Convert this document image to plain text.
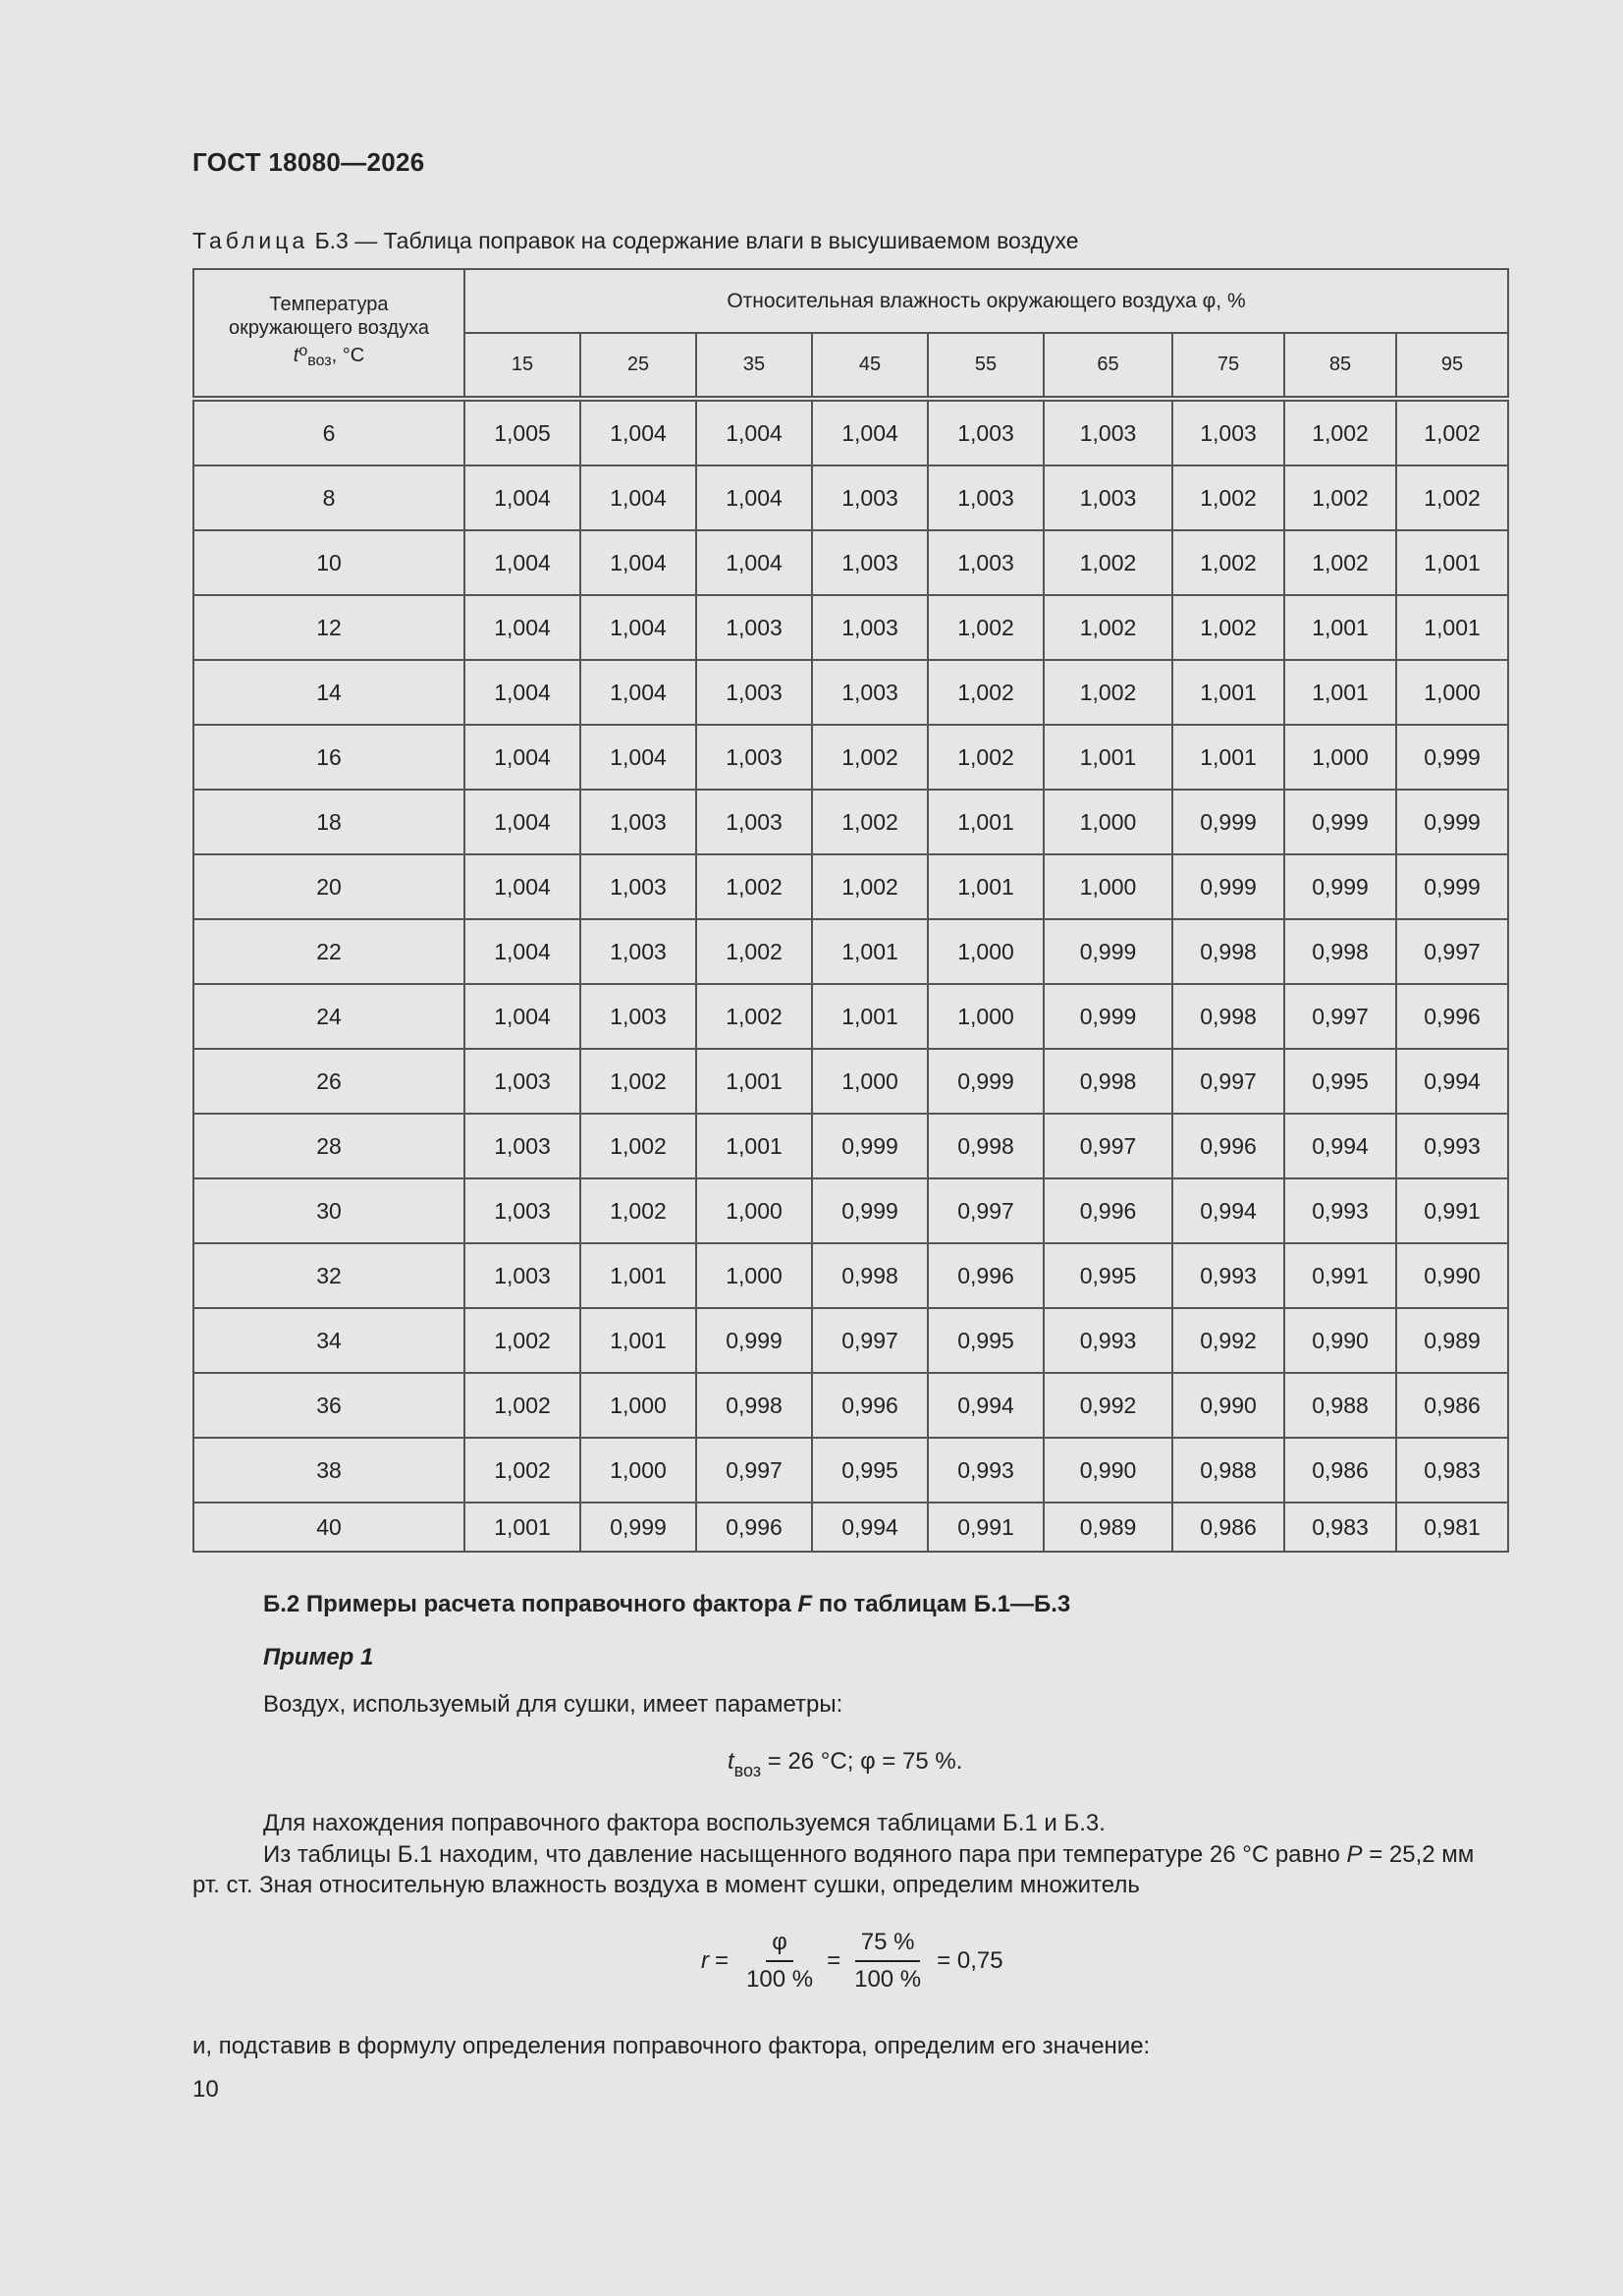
ГОСТ 18080—2026
Таблица Б.3 — Таблица поправок на содержание влаги в высушиваемом воздухе
Температура
окружающего воздуха
$t^o_{воз}$, °С	Относительная влажность окружающего воздуха φ, %								
	15	25	35	45	55	65	75	85	95
6	1,005	1,004	1,004	1,004	1,003	1,003	1,003	1,002	1,002
8	1,004	1,004	1,004	1,003	1,003	1,003	1,002	1,002	1,002
10	1,004	1,004	1,004	1,003	1,003	1,002	1,002	1,002	1,001
12	1,004	1,004	1,003	1,003	1,002	1,002	1,002	1,001	1,001
14	1,004	1,004	1,003	1,003	1,002	1,002	1,001	1,001	1,000
16	1,004	1,004	1,003	1,002	1,002	1,001	1,001	1,000	0,999
18	1,004	1,003	1,003	1,002	1,001	1,000	0,999	0,999	0,999
20	1,004	1,003	1,002	1,002	1,001	1,000	0,999	0,999	0,999
22	1,004	1,003	1,002	1,001	1,000	0,999	0,998	0,998	0,997
24	1,004	1,003	1,002	1,001	1,000	0,999	0,998	0,997	0,996
26	1,003	1,002	1,001	1,000	0,999	0,998	0,997	0,995	0,994
28	1,003	1,002	1,001	0,999	0,998	0,997	0,996	0,994	0,993
30	1,003	1,002	1,000	0,999	0,997	0,996	0,994	0,993	0,991
32	1,003	1,001	1,000	0,998	0,996	0,995	0,993	0,991	0,990
34	1,002	1,001	0,999	0,997	0,995	0,993	0,992	0,990	0,989
36	1,002	1,000	0,998	0,996	0,994	0,992	0,990	0,988	0,986
38	1,002	1,000	0,997	0,995	0,993	0,990	0,988	0,986	0,983
40	1,001	0,999	0,996	0,994	0,991	0,989	0,986	0,983	0,981
Б.2 Примеры расчета поправочного фактора F по таблицам Б.1—Б.3
Пример 1
Воздух, используемый для сушки, имеет параметры:
$t_{воз} = 26$ °С; φ = 75 %.
Для нахождения поправочного фактора воспользуемся таблицами Б.1 и Б.3.
Из таблицы Б.1 находим, что давление насыщенного водяного пара при температуре 26 °С равно P = 25,2 мм
рт. ст. Зная относительную влажность воздуха в момент сушки, определим множитель
$r = \frac{\varphi}{100 \%} = \frac{75 \%}{100 \%} = 0,75$
и, подставив в формулу определения поправочного фактора, определим его значение:
10
